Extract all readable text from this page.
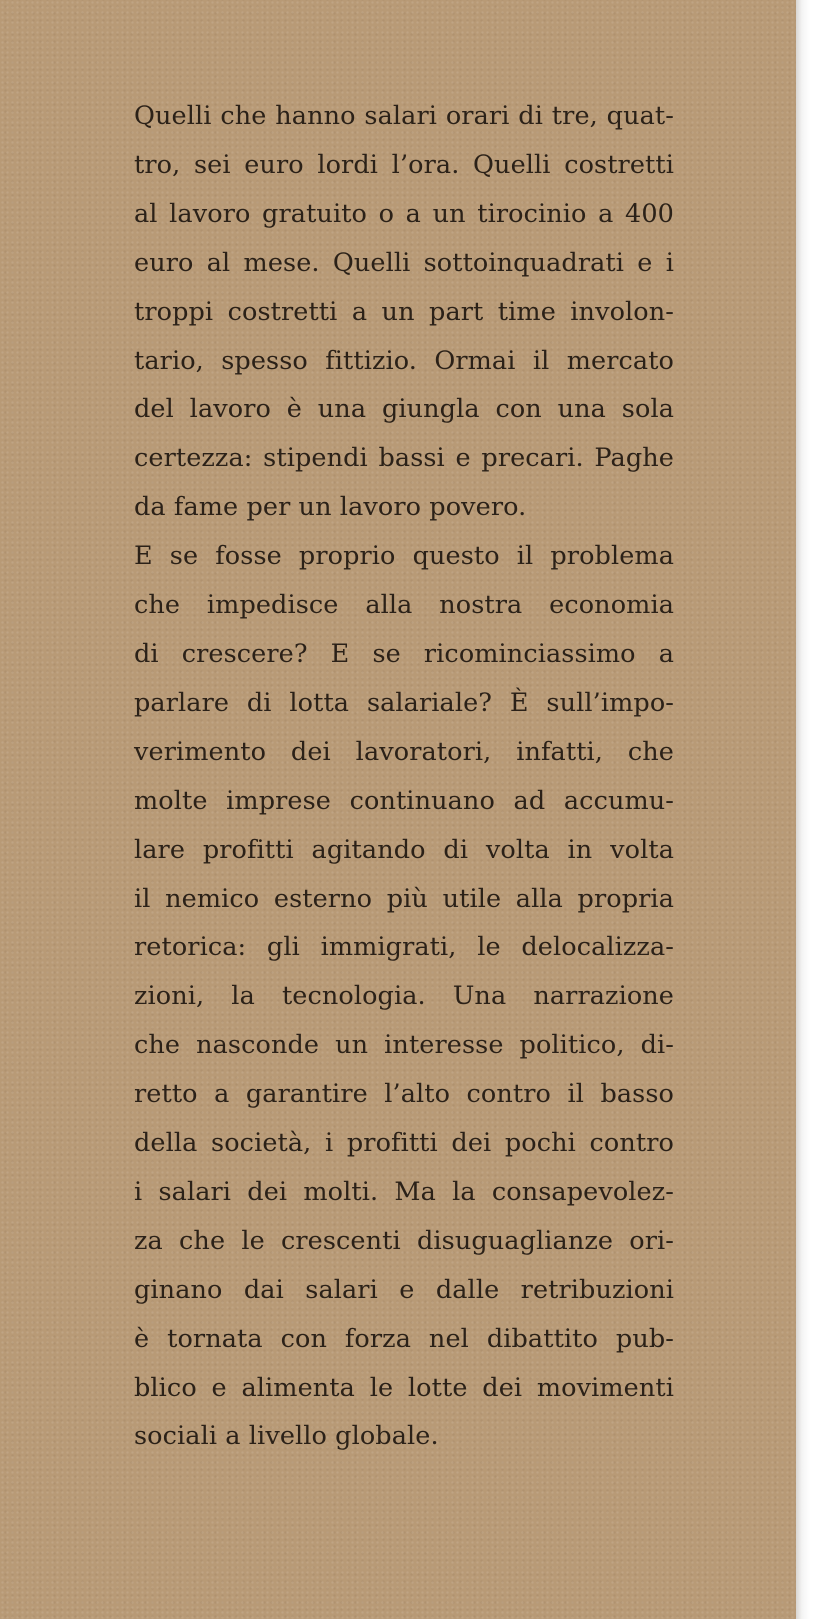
Quelli che hanno salari orari di tre, quat-
tro, sei euro lordi l’ora. Quelli costretti
al lavoro gratuito o a un tirocinio a 400
euro al mese. Quelli sottoinquadrati e i
troppi costretti a un part time involon-
tario, spesso fittizio. Ormai il mercato
del lavoro è una giungla con una sola
certezza: stipendi bassi e precari. Paghe
da fame per un lavoro povero.
E se fosse proprio questo il problema
che impedisce alla nostra economia
di crescere? E se ricominciassimo a
parlare di lotta salariale? È sull’impo-
verimento dei lavoratori, infatti, che
molte imprese continuano ad accumu-
lare profitti agitando di volta in volta
il nemico esterno più utile alla propria
retorica: gli immigrati, le delocalizza-
zioni, la tecnologia. Una narrazione
che nasconde un interesse politico, di-
retto a garantire l’alto contro il basso
della società, i profitti dei pochi contro
i salari dei molti. Ma la consapevolez-
za che le crescenti disuguaglianze ori-
ginano dai salari e dalle retribuzioni
è tornata con forza nel dibattito pub-
blico e alimenta le lotte dei movimenti
sociali a livello globale.
